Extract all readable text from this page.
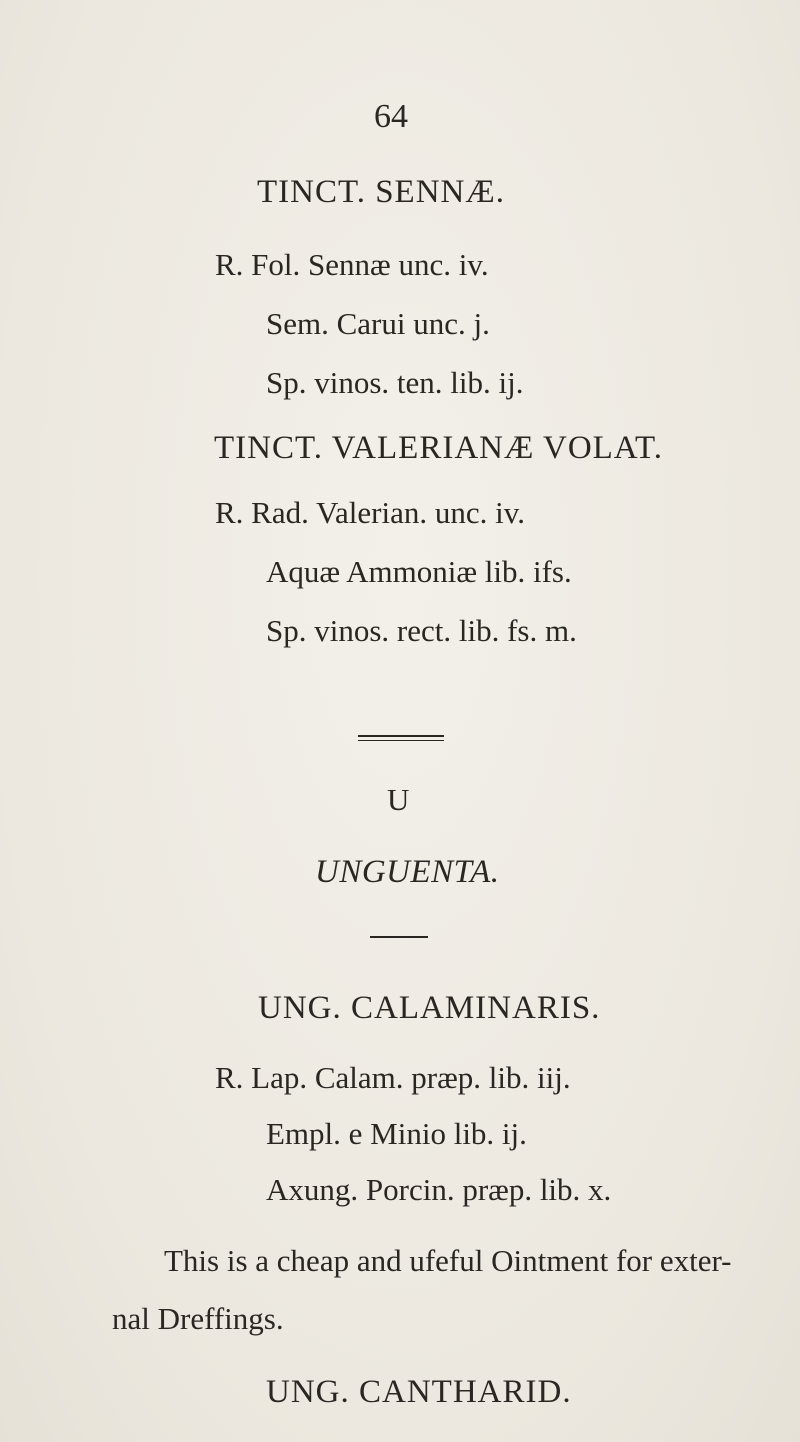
64
TINCT. SENNÆ.
R. Fol. Sennæ unc. iv.
Sem. Carui unc. j.
Sp. vinos. ten. lib. ij.
TINCT. VALERIANÆ VOLAT.
R. Rad. Valerian. unc. iv.
Aquæ Ammoniæ lib. ifs.
Sp. vinos. rect. lib. fs. m.
U
UNGUENTA.
UNG. CALAMINARIS.
R. Lap. Calam. præp. lib. iij.
Empl. e Minio lib. ij.
Axung. Porcin. præp. lib. x.
This is a cheap and ufeful Ointment for exter-
nal Dreffings.
UNG. CANTHARID.
